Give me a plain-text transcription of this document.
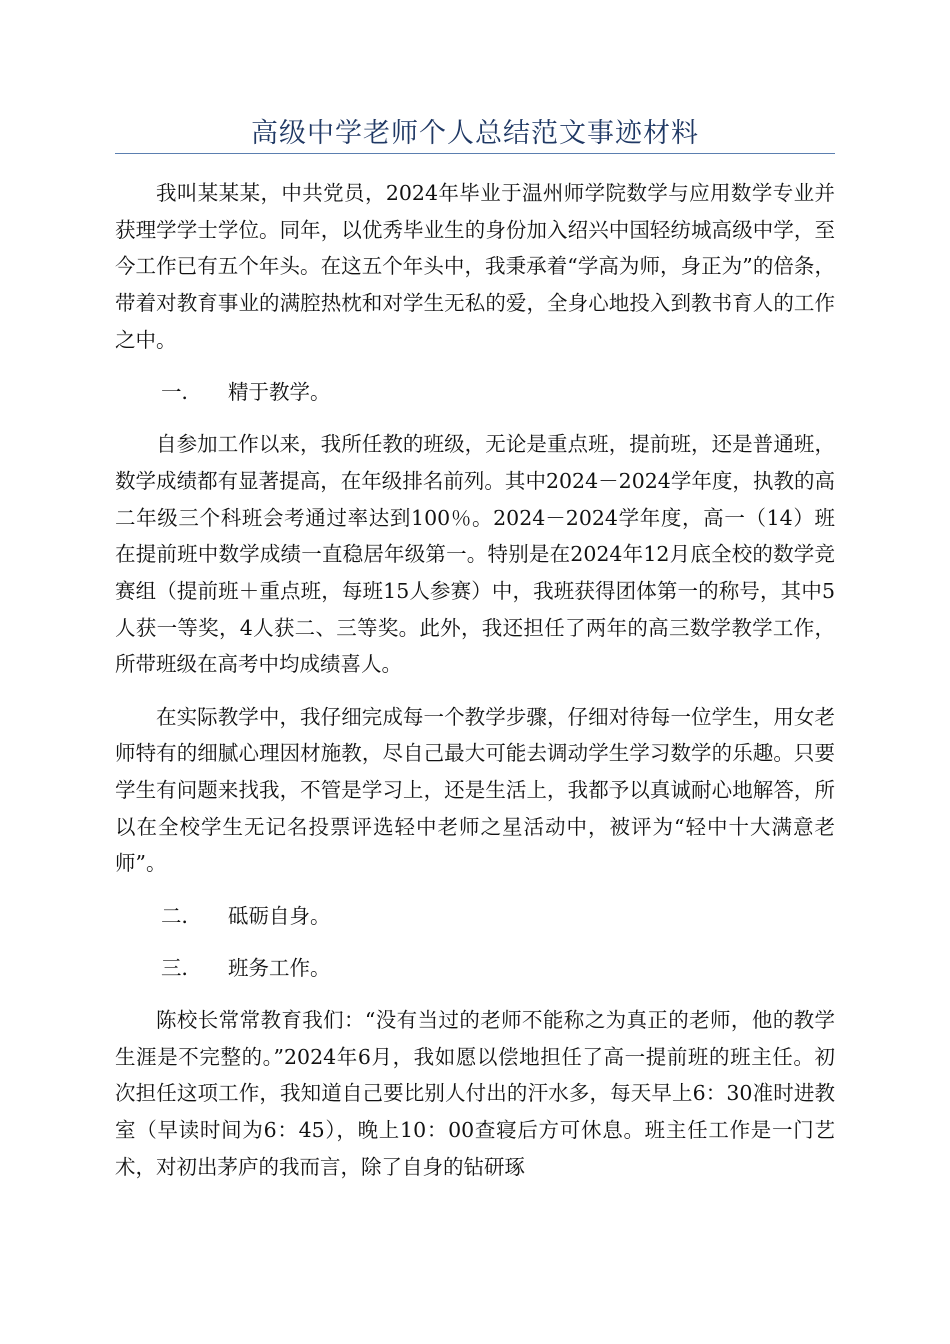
高级中学老师个人总结范文事迹材料

我叫某某某，中共党员，2024年毕业于温州师学院数学与应用数学专业并获理学学士学位。同年，以优秀毕业生的身份加入绍兴中国轻纺城高级中学，至今工作已有五个年头。在这五个年头中，我秉承着“学高为师，身正为”的倍条，带着对教育事业的满腔热枕和对学生无私的爱，全身心地投入到教书育人的工作之中。

一． 精于教学。

自参加工作以来，我所任教的班级，无论是重点班，提前班，还是普通班，数学成绩都有显著提高，在年级排名前列。其中2024－2024学年度，执教的高二年级三个科班会考通过率达到100％。2024－2024学年度，高一（14）班在提前班中数学成绩一直稳居年级第一。特别是在2024年12月底全校的数学竞赛组（提前班＋重点班，每班15人参赛）中，我班获得团体第一的称号，其中5人获一等奖，4人获二、三等奖。此外，我还担任了两年的高三数学教学工作，所带班级在高考中均成绩喜人。

在实际教学中，我仔细完成每一个教学步骤，仔细对待每一位学生，用女老师特有的细腻心理因材施教，尽自己最大可能去调动学生学习数学的乐趣。只要学生有问题来找我，不管是学习上，还是生活上，我都予以真诚耐心地解答，所以在全校学生无记名投票评选轻中老师之星活动中，被评为“轻中十大满意老师”。

二． 砥砺自身。

三． 班务工作。

陈校长常常教育我们：“没有当过的老师不能称之为真正的老师，他的教学生涯是不完整的。”2024年6月，我如愿以偿地担任了高一提前班的班主任。初次担任这项工作，我知道自己要比别人付出的汗水多，每天早上6：30准时进教室（早读时间为6：45），晚上10：00查寝后方可休息。班主任工作是一门艺术，对初出茅庐的我而言，除了自身的钻研琢
